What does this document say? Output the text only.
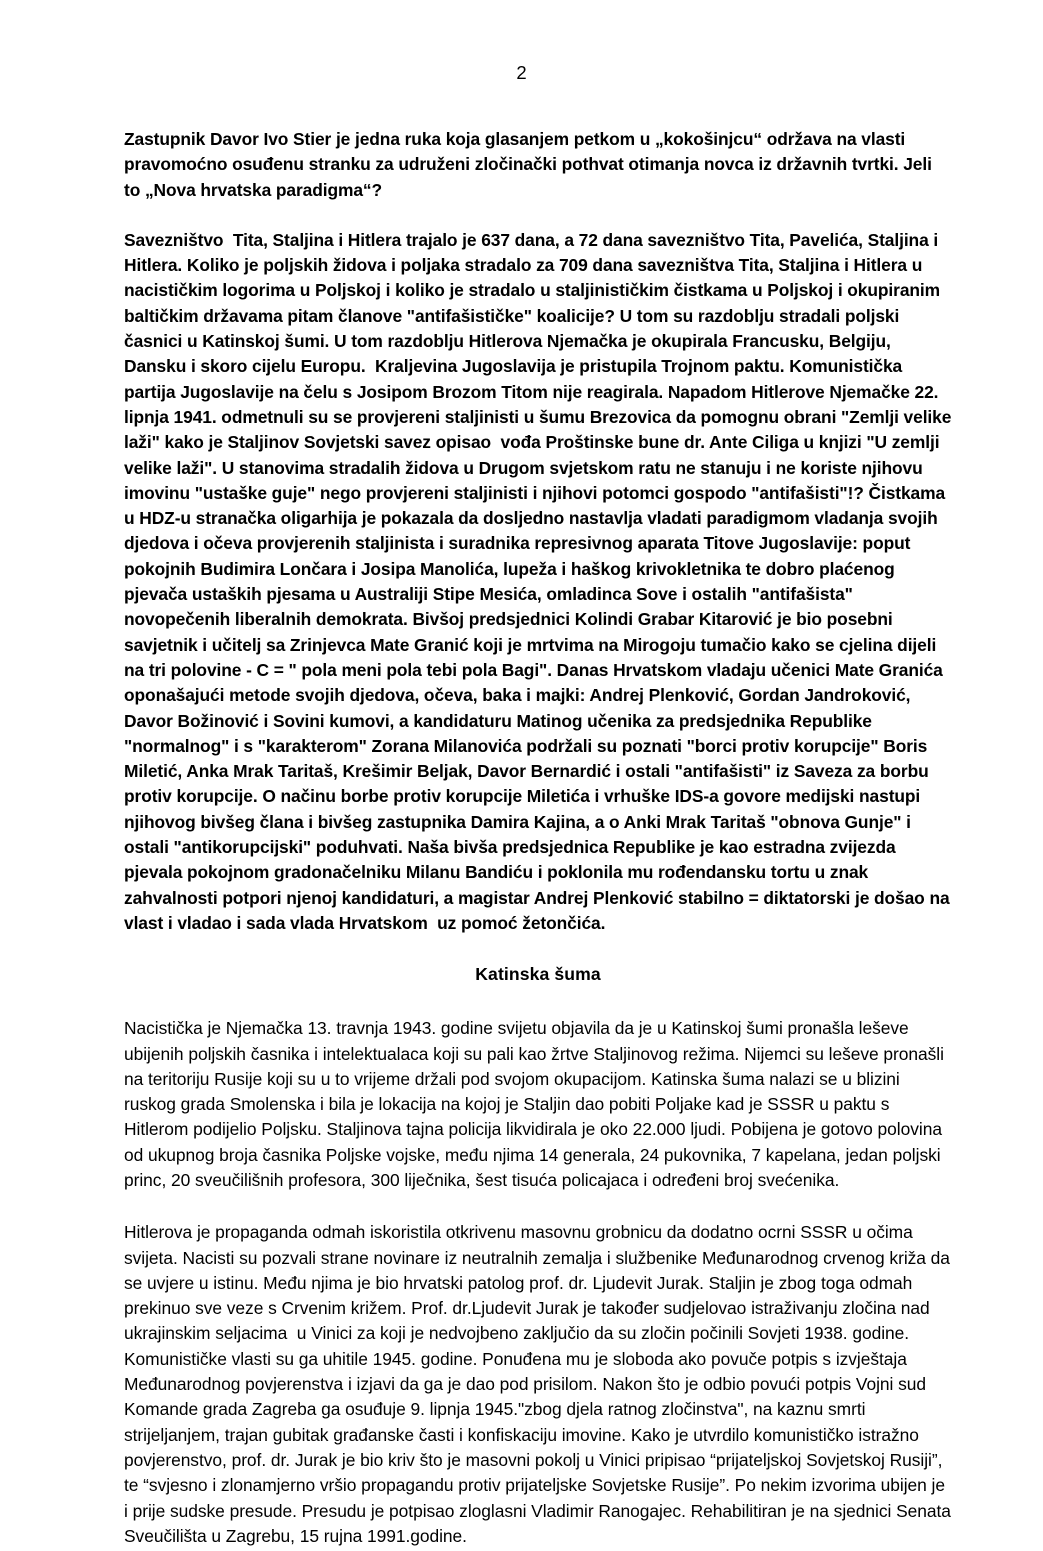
2

Zastupnik Davor Ivo Stier je jedna ruka koja glasanjem petkom u „kokošinjcu“ održava na vlasti pravomoćno osuđenu stranku za udruženi zločinački pothvat otimanja novca iz državnih tvrtki. Jeli to „Nova hrvatska paradigma“?

Savezništvo  Tita, Staljina i Hitlera trajalo je 637 dana, a 72 dana savezništvo Tita, Pavelića, Staljina i Hitlera. Koliko je poljskih židova i poljaka stradalo za 709 dana savezništva Tita, Staljina i Hitlera u nacističkim logorima u Poljskoj i koliko je stradalo u staljinističkim čistkama u Poljskoj i okupiranim baltičkim državama pitam članove "antifašističke" koalicije? U tom su razdoblju stradali poljski časnici u Katinskoj šumi. U tom razdoblju Hitlerova Njemačka je okupirala Francusku, Belgiju, Dansku i skoro cijelu Europu.  Kraljevina Jugoslavija je pristupila Trojnom paktu. Komunistička partija Jugoslavije na čelu s Josipom Brozom Titom nije reagirala. Napadom Hitlerove Njemačke 22. lipnja 1941. odmetnuli su se provjereni staljinisti u šumu Brezovica da pomognu obrani "Zemlji velike laži" kako je Staljinov Sovjetski savez opisao  vođa Proštinske bune dr. Ante Ciliga u knjizi "U zemlji velike laži". U stanovima stradalih židova u Drugom svjetskom ratu ne stanuju i ne koriste njihovu imovinu "ustaške guje" nego provjereni staljinisti i njihovi potomci gospodo "antifašisti"!? Čistkama u HDZ-u stranačka oligarhija je pokazala da dosljedno nastavlja vladati paradigmom vladanja svojih djedova i očeva provjerenih staljinista i suradnika represivnog aparata Titove Jugoslavije: poput pokojnih Budimira Lončara i Josipa Manolića, lupeža i haškog krivokletnika te dobro plaćenog pjevača ustaških pjesama u Australiji Stipe Mesića, omladinca Sove i ostalih "antifašista" novopečenih liberalnih demokrata. Bivšoj predsjednici Kolindi Grabar Kitarović je bio posebni savjetnik i učitelj sa Zrinjevca Mate Granić koji je mrtvima na Mirogoju tumačio kako se cjelina dijeli na tri polovine - C = " pola meni pola tebi pola Bagi". Danas Hrvatskom vladaju učenici Mate Granića oponašajući metode svojih djedova, očeva, baka i majki: Andrej Plenković, Gordan Jandroković, Davor Božinović i Sovini kumovi, a kandidaturu Matinog učenika za predsjednika Republike "normalnog" i s "karakterom" Zorana Milanovića podržali su poznati "borci protiv korupcije" Boris Miletić, Anka Mrak Taritaš, Krešimir Beljak, Davor Bernardić i ostali "antifašisti" iz Saveza za borbu protiv korupcije. O načinu borbe protiv korupcije Miletića i vrhuške IDS-a govore medijski nastupi njihovog bivšeg člana i bivšeg zastupnika Damira Kajina, a o Anki Mrak Taritaš "obnova Gunje" i ostali "antikorupcijski" poduhvati. Naša bivša predsjednica Republike je kao estradna zvijezda pjevala pokojnom gradonačelniku Milanu Bandiću i poklonila mu rođendansku tortu u znak zahvalnosti potpori njenoj kandidaturi, a magistar Andrej Plenković stabilno = diktatorski je došao na vlast i vladao i sada vlada Hrvatskom  uz pomoć žetončića.

Katinska šuma

Nacistička je Njemačka 13. travnja 1943. godine svijetu objavila da je u Katinskoj šumi pronašla leševe ubijenih poljskih časnika i intelektualaca koji su pali kao žrtve Staljinovog režima. Nijemci su leševe pronašli na teritoriju Rusije koji su u to vrijeme držali pod svojom okupacijom. Katinska šuma nalazi se u blizini ruskog grada Smolenska i bila je lokacija na kojoj je Staljin dao pobiti Poljake kad je SSSR u paktu s Hitlerom podijelio Poljsku. Staljinova tajna policija likvidirala je oko 22.000 ljudi. Pobijena je gotovo polovina od ukupnog broja časnika Poljske vojske, među njima 14 generala, 24 pukovnika, 7 kapelana, jedan poljski princ, 20 sveučilišnih profesora, 300 liječnika, šest tisuća policajaca i određeni broj svećenika.

Hitlerova je propaganda odmah iskoristila otkrivenu masovnu grobnicu da dodatno ocrni SSSR u očima svijeta. Nacisti su pozvali strane novinare iz neutralnih zemalja i službenike Međunarodnog crvenog križa da se uvjere u istinu. Među njima je bio hrvatski patolog prof. dr. Ljudevit Jurak. Staljin je zbog toga odmah prekinuo sve veze s Crvenim križem. Prof. dr.Ljudevit Jurak je također sudjelovao istraživanju zločina nad ukrajinskim seljacima  u Vinici za koji je nedvojbeno zaključio da su zločin počinili Sovjeti 1938. godine. Komunističke vlasti su ga uhitile 1945. godine. Ponuđena mu je sloboda ako povuče potpis s izvještaja Međunarodnog povjerenstva i izjavi da ga je dao pod prisilom. Nakon što je odbio povući potpis Vojni sud Komande grada Zagreba ga osuđuje 9. lipnja 1945."zbog djela ratnog zločinstva", na kaznu smrti strijeljanjem, trajan gubitak građanske časti i konfiskaciju imovine. Kako je utvrdilo komunističko istražno povjerenstvo, prof. dr. Jurak je bio kriv što je masovni pokolj u Vinici pripisao “prijateljskoj Sovjetskoj Rusiji”, te “svjesno i zlonamjerno vršio propagandu protiv prijateljske Sovjetske Rusije”. Po nekim izvorima ubijen je i prije sudske presude. Presudu je potpisao zloglasni Vladimir Ranogajec. Rehabilitiran je na sjednici Senata Sveučilišta u Zagrebu, 15 rujna 1991.godine.
